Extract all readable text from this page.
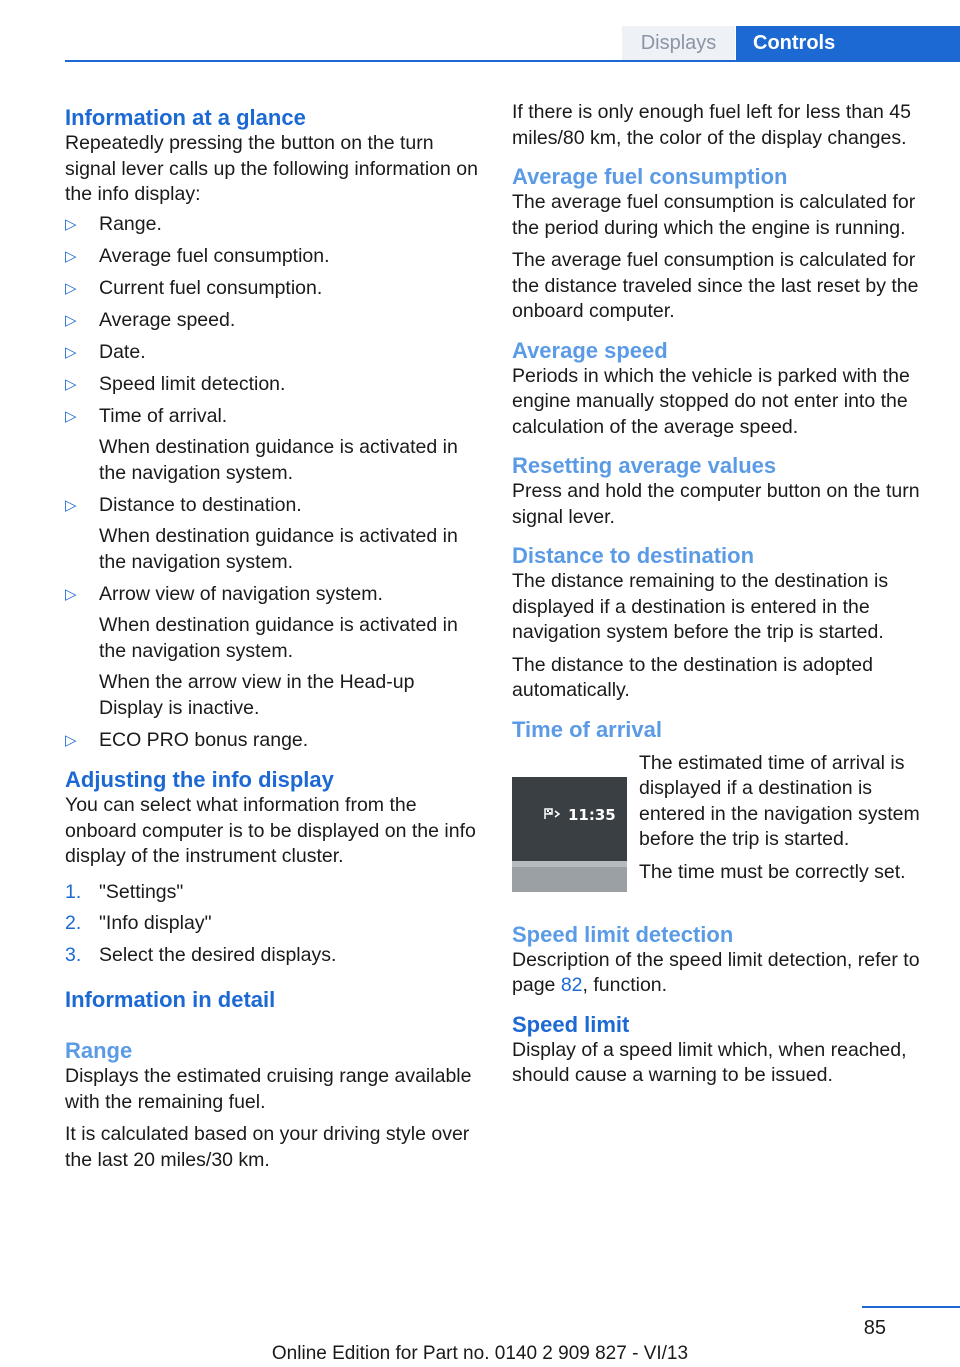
Displays	Controls
Information at a glance

Repeatedly pressing the button on the turn signal lever calls up the following information on the info display:

▷ Range.
▷ Average fuel consumption.
▷ Current fuel consumption.
▷ Average speed.
▷ Date.
▷ Speed limit detection.
▷ Time of arrival.
When destination guidance is activated in the navigation system.
▷ Distance to destination.
When destination guidance is activated in the navigation system.
▷ Arrow view of navigation system.
When destination guidance is activated in the navigation system.
When the arrow view in the Head-up Display is inactive.
▷ ECO PRO bonus range.
Adjusting the info display

You can select what information from the onboard computer is to be displayed on the info display of the instrument cluster.

1. "Settings"
2. "Info display"
3. Select the desired displays.
Information in detail
Range

Displays the estimated cruising range available with the remaining fuel.

It is calculated based on your driving style over the last 20 miles/30 km.

If there is only enough fuel left for less than 45 miles/80 km, the color of the display changes.

Average fuel consumption

The average fuel consumption is calculated for the period during which the engine is running.

The average fuel consumption is calculated for the distance traveled since the last reset by the onboard computer.

Average speed

Periods in which the vehicle is parked with the engine manually stopped do not enter into the calculation of the average speed.

Resetting average values

Press and hold the computer button on the turn signal lever.

Distance to destination

The distance remaining to the destination is displayed if a destination is entered in the navigation system before the trip is started.

The distance to the destination is adopted automatically.

Time of arrival
11:35

The estimated time of arrival is displayed if a destination is entered in the navigation system before the trip is started.

The time must be correctly set.

Speed limit detection

Description of the speed limit detection, refer to page 82, function.

Speed limit

Display of a speed limit which, when reached, should cause a warning to be issued.

85
Online Edition for Part no. 0140 2 909 827 - VI/13
